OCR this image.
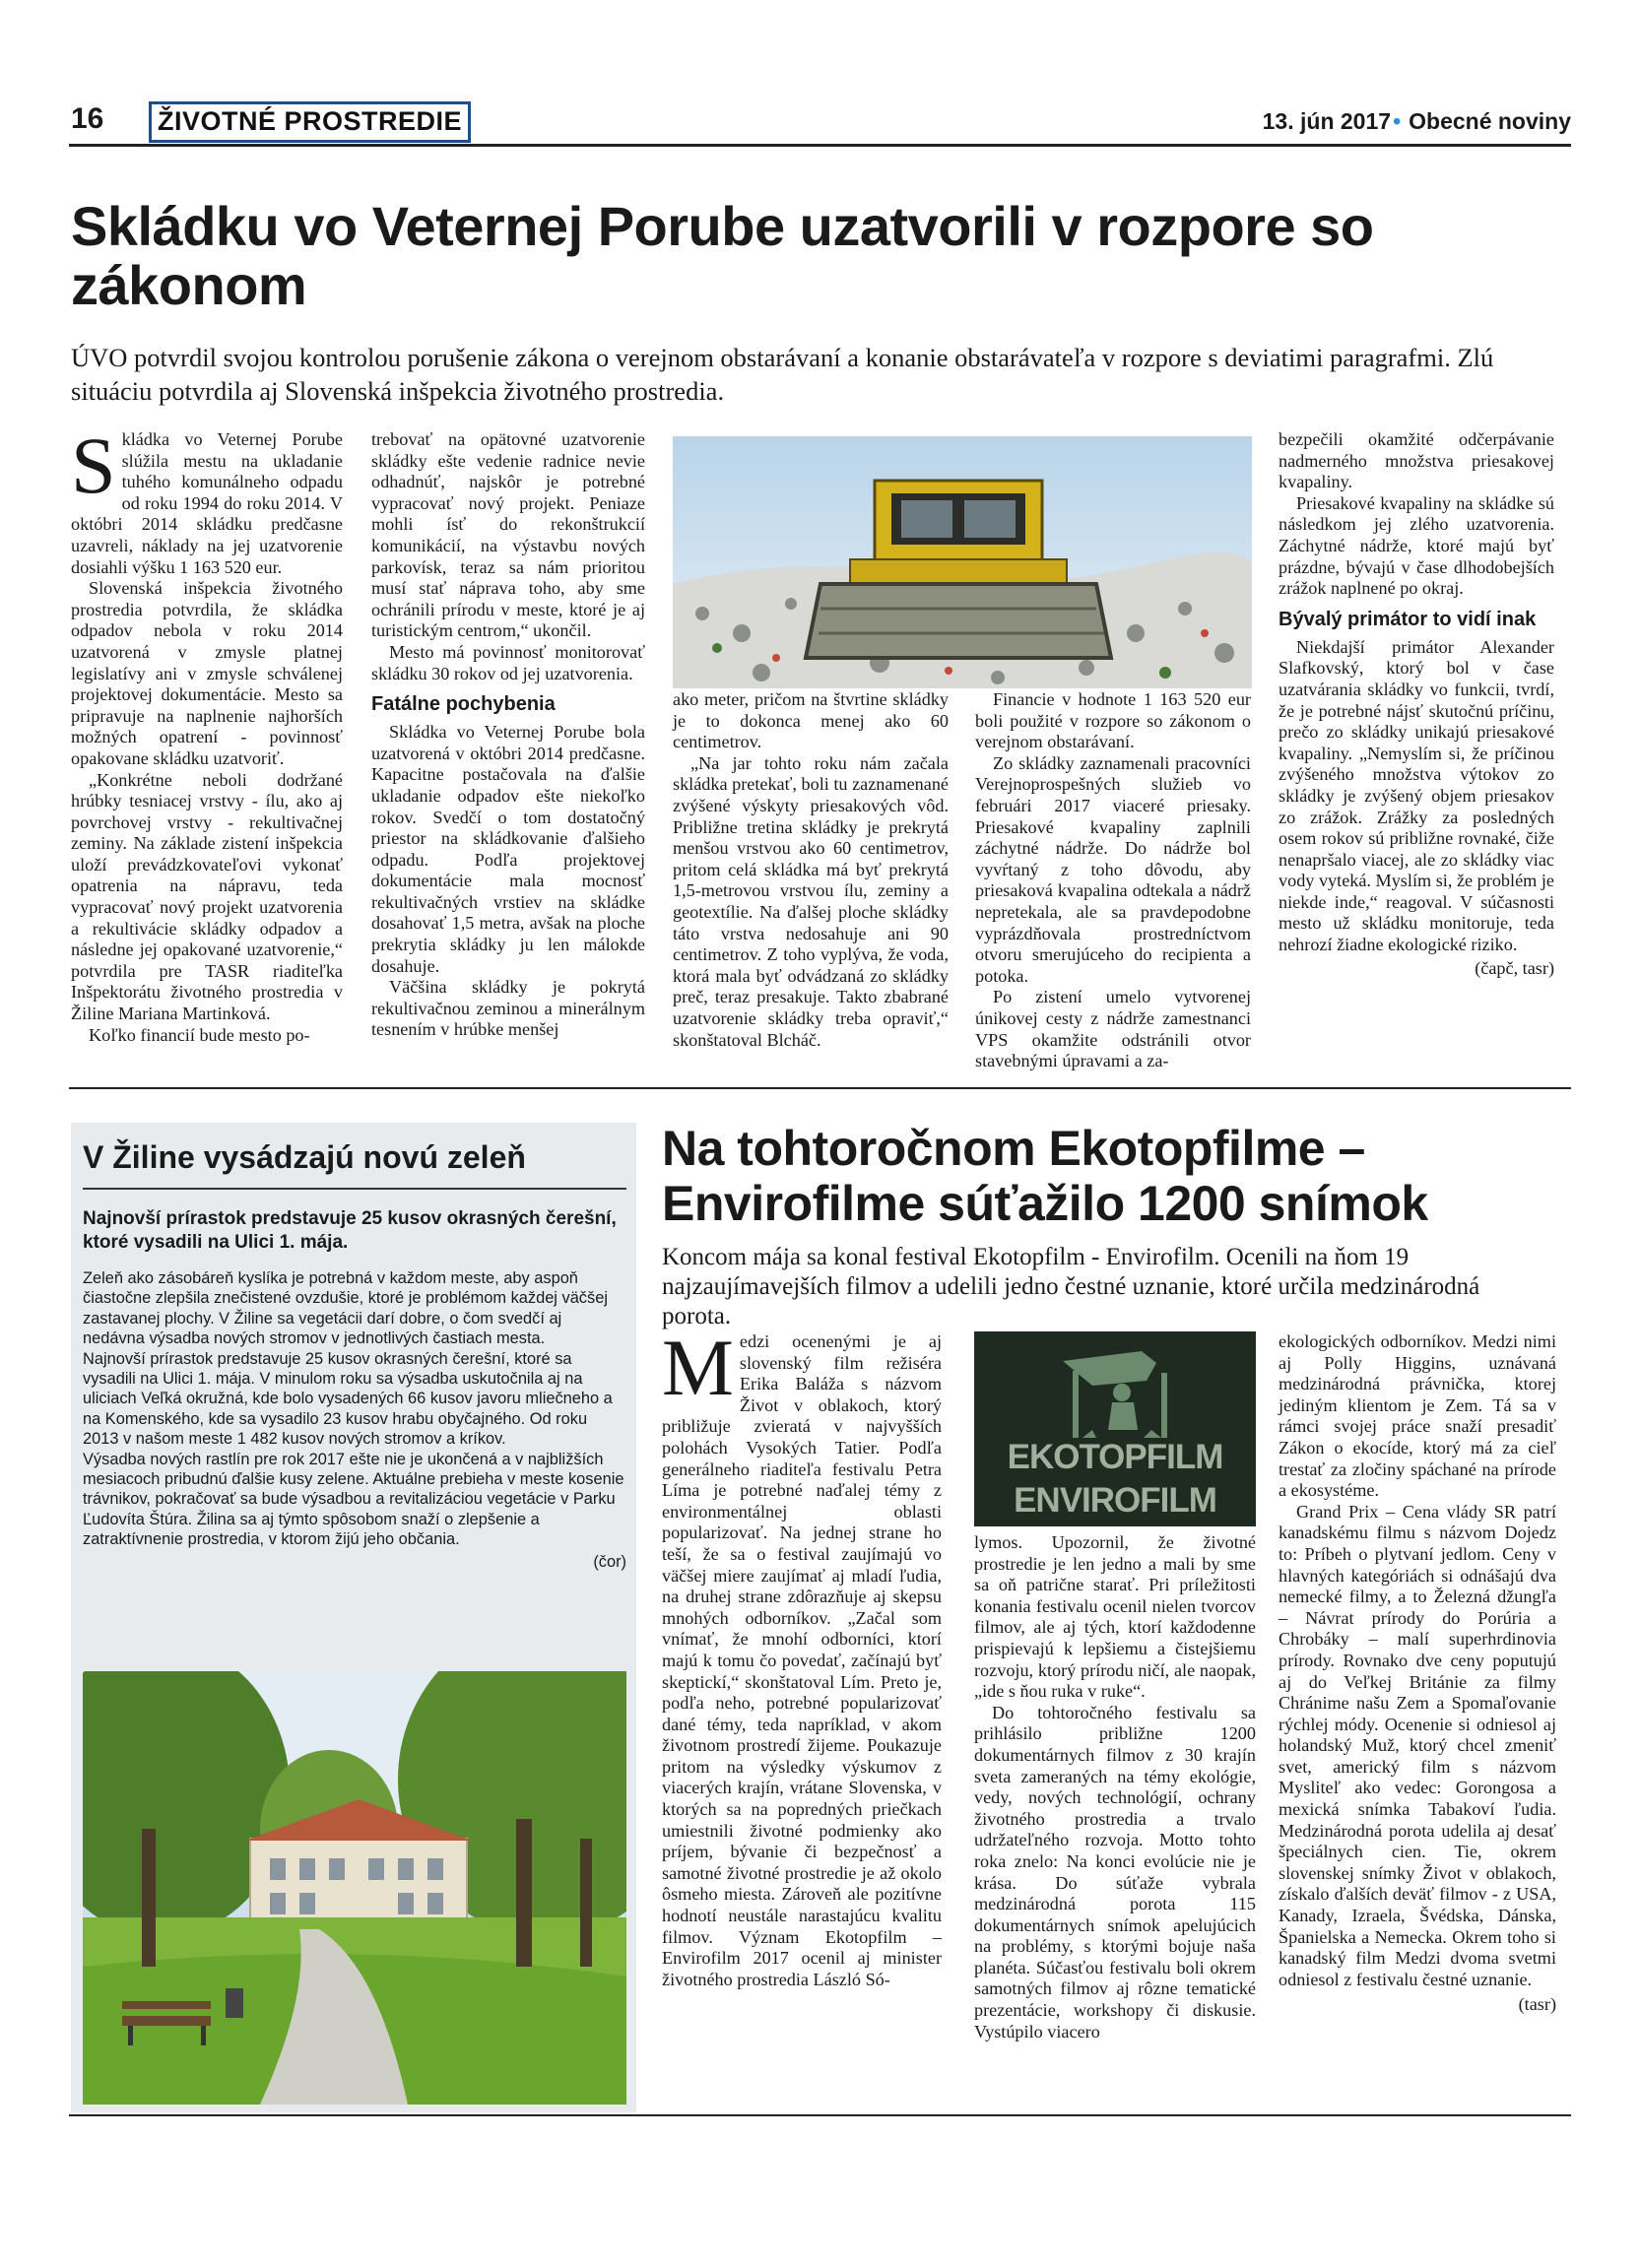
16	ŽIVOTNÉ PROSTREDIE	13. jún 2017• Obecné noviny
Skládku vo Veternej Porube uzatvorili v rozpore so zákonom
ÚVO potvrdil svojou kontrolou porušenie zákona o verejnom obstarávaní a konanie obstarávateľa v rozpore s deviatimi paragrafmi. Zlú situáciu potvrdila aj Slovenská inšpekcia životného prostredia.
S kládka vo Veternej Porube slúžila mestu na ukladanie tuhého komunálneho odpadu od roku 1994 do roku 2014. V októbri 2014 skládku predčasne uzavreli, náklady na jej uzatvorenie dosiahli výšku 1 163 520 eur.

Slovenská inšpekcia životného prostredia potvrdila, že skládka odpadov nebola v roku 2014 uzatvorená v zmysle platnej legislatívy ani v zmysle schválenej projektovej dokumentácie. Mesto sa pripravuje na naplnenie najhorších možných opatrení - povinnosť opakovane skládku uzatvoriť.

„Konkrétne neboli dodržané hrúbky tesniacej vrstvy - ílu, ako aj povrchovej vrstvy - rekultivačnej zeminy. Na základe zistení inšpekcia uloží prevádzkovateľovi vykonať opatrenia na nápravu, teda vypracovať nový projekt uzatvorenia a rekultivácie skládky odpadov a následne jej opakované uzatvorenie,“ potvrdila pre TASR riaditeľka Inšpektorátu životného prostredia v Žiline Mariana Martinková.

Koľko financií bude mesto po-

trebovať na opätovné uzatvorenie skládky ešte vedenie radnice nevie odhadnúť, najskôr je potrebné vypracovať nový projekt. Peniaze mohli ísť do rekonštrukcií komunikácií, na výstavbu nových parkovísk, teraz sa nám prioritou musí stať náprava toho, aby sme ochránili prírodu v meste, ktoré je aj turistickým centrom,“ ukončil.

Mesto má povinnosť monitorovať skládku 30 rokov od jej uzatvorenia.

Fatálne pochybenia

Skládka vo Veternej Porube bola uzatvorená v októbri 2014 predčasne. Kapacitne postačovala na ďalšie ukladanie odpadov ešte niekoľko rokov. Svedčí o tom dostatočný priestor na skládkovanie ďalšieho odpadu. Podľa projektovej dokumentácie mala mocnosť rekultivačných vrstiev na skládke dosahovať 1,5 metra, avšak na ploche prekrytia skládky ju len málokde dosahuje.

Väčšina skládky je pokrytá rekultivačnou zeminou a minerálnym tesnením v hrúbke menšej

ako meter, pričom na štvrtine skládky je to dokonca menej ako 60 centimetrov.

„Na jar tohto roku nám začala skládka pretekať, boli tu zaznamenané zvýšené výskyty priesakových vôd. Približne tretina skládky je prekrytá menšou vrstvou ako 60 centimetrov, pritom celá skládka má byť prekrytá 1,5-metrovou vrstvou ílu, zeminy a geotextílie. Na ďalšej ploche skládky táto vrstva nedosahuje ani 90 centimetrov. Z toho vyplýva, že voda, ktorá mala byť odvádzaná zo skládky preč, teraz presakuje. Takto zbabrané uzatvorenie skládky treba opraviť,“ skonštatoval Blcháč.

Financie v hodnote 1 163 520 eur boli použité v rozpore so zákonom o verejnom obstarávaní.

Zo skládky zaznamenali pracovníci Verejnoprospešných služieb vo februári 2017 viaceré priesaky. Priesakové kvapaliny zaplnili záchytné nádrže. Do nádrže bol vyvŕtaný z toho dôvodu, aby priesaková kvapalina odtekala a nádrž nepretekala, ale sa pravdepodobne vyprázdňovala prostredníctvom otvoru smerujúceho do recipienta a potoka.

Po zistení umelo vytvorenej únikovej cesty z nádrže zamestnanci VPS okamžite odstránili otvor stavebnými úpravami a za-

bezpečili okamžité odčerpávanie nadmerného množstva priesakovej kvapaliny.

Priesakové kvapaliny na skládke sú následkom jej zlého uzatvorenia. Záchytné nádrže, ktoré majú byť prázdne, bývajú v čase dlhodobejších zrážok naplnené po okraj.

Bývalý primátor to vidí inak

Niekdajší primátor Alexander Slafkovský, ktorý bol v čase uzatvárania skládky vo funkcii, tvrdí, že je potrebné nájsť skutočnú príčinu, prečo zo skládky unikajú priesakové kvapaliny. „Nemyslím si, že príčinou zvýšeného množstva výtokov zo skládky je zvýšený objem priesakov zo zrážok. Zrážky za posledných osem rokov sú približne rovnaké, čiže nenapršalo viacej, ale zo skládky viac vody vyteká. Myslím si, že problém je niekde inde,“ reagoval. V súčasnosti mesto už skládku monitoruje, teda nehrozí žiadne ekologické riziko.

(čapč, tasr)
V Žiline vysádzajú novú zeleň
Najnovší prírastok predstavuje 25 kusov okrasných čerešní, ktoré vysadili na Ulici 1. mája.

Zeleň ako zásobáreň kyslíka je potrebná v každom meste, aby aspoň čiastočne zlepšila znečistené ovzdušie, ktoré je problémom každej väčšej zastavanej plochy. V Žiline sa vegetácii darí dobre, o čom svedčí aj nedávna výsadba nových stromov v jednotlivých častiach mesta.

Najnovší prírastok predstavuje 25 kusov okrasných čerešní, ktoré sa vysadili na Ulici 1. mája. V minulom roku sa výsadba uskutočnila aj na uliciach Veľká okružná, kde bolo vysadených 66 kusov javoru mliečneho a na Komenského, kde sa vysadilo 23 kusov hrabu obyčajného. Od roku 2013 v našom meste 1 482 kusov nových stromov a kríkov.

Výsadba nových rastlín pre rok 2017 ešte nie je ukončená a v najbližších mesiacoch pribudnú ďalšie kusy zelene. Aktuálne prebieha v meste kosenie trávnikov, pokračovať sa bude výsadbou a revitalizáciou vegetácie v Parku Ľudovíta Štúra. Žilina sa aj týmto spôsobom snaží o zlepšenie a zatraktívnenie prostredia, v ktorom žijú jeho občania.

(čor)
Na tohtoročnom Ekotopfilme – Envirofilme súťažilo 1200 snímok
Koncom mája sa konal festival Ekotopfilm - Envirofilm. Ocenili na ňom 19 najzaujímavejších filmov a udelili jedno čestné uznanie, ktoré určila medzinárodná porota.
M edzi ocenenými je aj slovenský film režiséra Erika Baláža s názvom Život v oblakoch, ktorý približuje zvieratá v najvyšších polohách Vysokých Tatier. Podľa generálneho riaditeľa festivalu Petra Líma je potrebné naďalej témy z environmentálnej oblasti popularizovať. Na jednej strane ho teší, že sa o festival zaujímajú vo väčšej miere zaujímať aj mladí ľudia, na druhej strane zdôrazňuje aj skepsu mnohých odborníkov. „Začal som vnímať, že mnohí odborníci, ktorí majú k tomu čo povedať, začínajú byť skeptickí,“ skonštatoval Lím. Preto je, podľa neho, potrebné popularizovať dané témy, teda napríklad, v akom životnom prostredí žijeme. Poukazuje pritom na výsledky výskumov z viacerých krajín, vrátane Slovenska, v ktorých sa na popredných priečkach umiestnili životné podmienky ako príjem, bývanie či bezpečnosť a samotné životné prostredie je až okolo ôsmeho miesta. Zároveň ale pozitívne hodnotí neustále narastajúcu kvalitu filmov. Význam Ekotopfilm – Envirofilm 2017 ocenil aj minister životného prostredia László Só-

EKOTOPFILM
ENVIROFILM

lymos. Upozornil, že životné prostredie je len jedno a mali by sme sa oň patrične starať. Pri príležitosti konania festivalu ocenil nielen tvorcov filmov, ale aj tých, ktorí každodenne prispievajú k lepšiemu a čistejšiemu rozvoju, ktorý prírodu ničí, ale naopak, „ide s ňou ruka v ruke“.

Do tohtoročného festivalu sa prihlásilo približne 1200 dokumentárnych filmov z 30 krajín sveta zameraných na témy ekológie, vedy, nových technológií, ochrany životného prostredia a trvalo udržateľného rozvoja. Motto tohto roka znelo: Na konci evolúcie nie je krása. Do súťaže vybrala medzinárodná porota 115 dokumentárnych snímok apelujúcich na problémy, s ktorými bojuje naša planéta. Súčasťou festivalu boli okrem samotných filmov aj rôzne tematické prezentácie, workshopy či diskusie. Vystúpilo viacero

ekologických odborníkov. Medzi nimi aj Polly Higgins, uznávaná medzinárodná právnička, ktorej jediným klientom je Zem. Tá sa v rámci svojej práce snaží presadiť Zákon o ekocíde, ktorý má za cieľ trestať za zločiny spáchané na prírode a ekosystéme.

Grand Prix – Cena vlády SR patrí kanadskému filmu s názvom Dojedz to: Príbeh o plytvaní jedlom. Ceny v hlavných kategóriách si odnášajú dva nemecké filmy, a to Železná džungľa – Návrat prírody do Porúria a Chrobáky – malí superhrdinovia prírody. Rovnako dve ceny poputujú aj do Veľkej Británie za filmy Chránime našu Zem a Spomaľovanie rýchlej módy. Ocenenie si odniesol aj holandský Muž, ktorý chcel zmeniť svet, americký film s názvom Mysliteľ ako vedec: Gorongosa a mexická snímka Tabakoví ľudia. Medzinárodná porota udelila aj desať špeciálnych cien. Tie, okrem slovenskej snímky Život v oblakoch, získalo ďalších deväť filmov - z USA, Kanady, Izraela, Švédska, Dánska, Španielska a Nemecka. Okrem toho si kanadský film Medzi dvoma svetmi odniesol z festivalu čestné uznanie.

(tasr)
